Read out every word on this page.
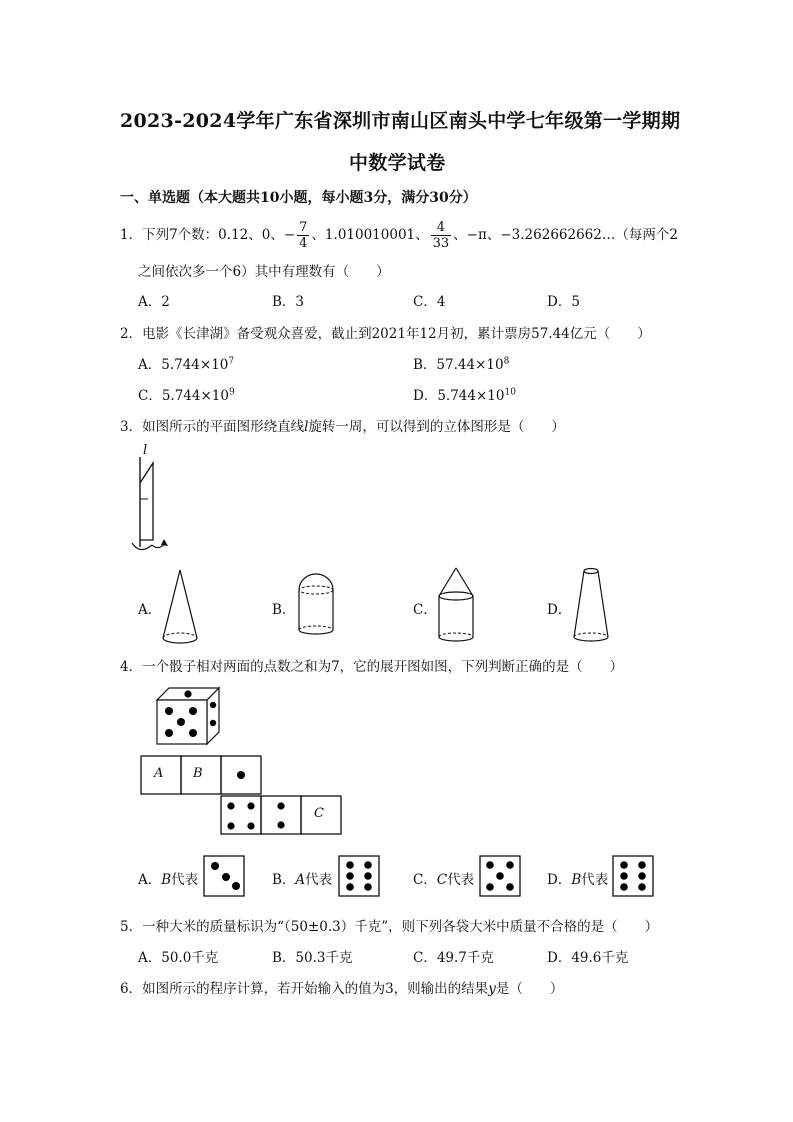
2023-2024学年广东省深圳市南山区南头中学七年级第一学期期
中数学试卷
一、单选题（本大题共10小题，每小题3分，满分30分）
1．下列7个数：0.12、0、− $\frac{7}{4}$ 、1.010010001、 $\frac{4}{33}$ 、−π、−3.262662662…（每两个2
之间依次多一个6）其中有理数有（　　）
A．2	B．3	C．4	D．5
2．电影《长津湖》备受观众喜爱，截止到2021年12月初，累计票房57.44亿元（　　）
A．$5.744\times 10^7$	B．$57.44\times 10^8$
C．$5.744\times 10^9$	D．$5.744\times 10^{10}$
3．如图所示的平面图形绕直线l旋转一周，可以得到的立体图形是（　　）
l
A．	B．	C．	D．
4．一个骰子相对两面的点数之和为7，它的展开图如图，下列判断正确的是（　　）
A B
C
A．B代表	B．A代表	C．C代表	D．B代表
5．一种大米的质量标识为“（50±0.3）千克”，则下列各袋大米中质量不合格的是（　　）
A．50.0千克	B．50.3千克	C．49.7千克	D．49.6千克
6．如图所示的程序计算，若开始输入的值为3，则输出的结果y是（　　）
